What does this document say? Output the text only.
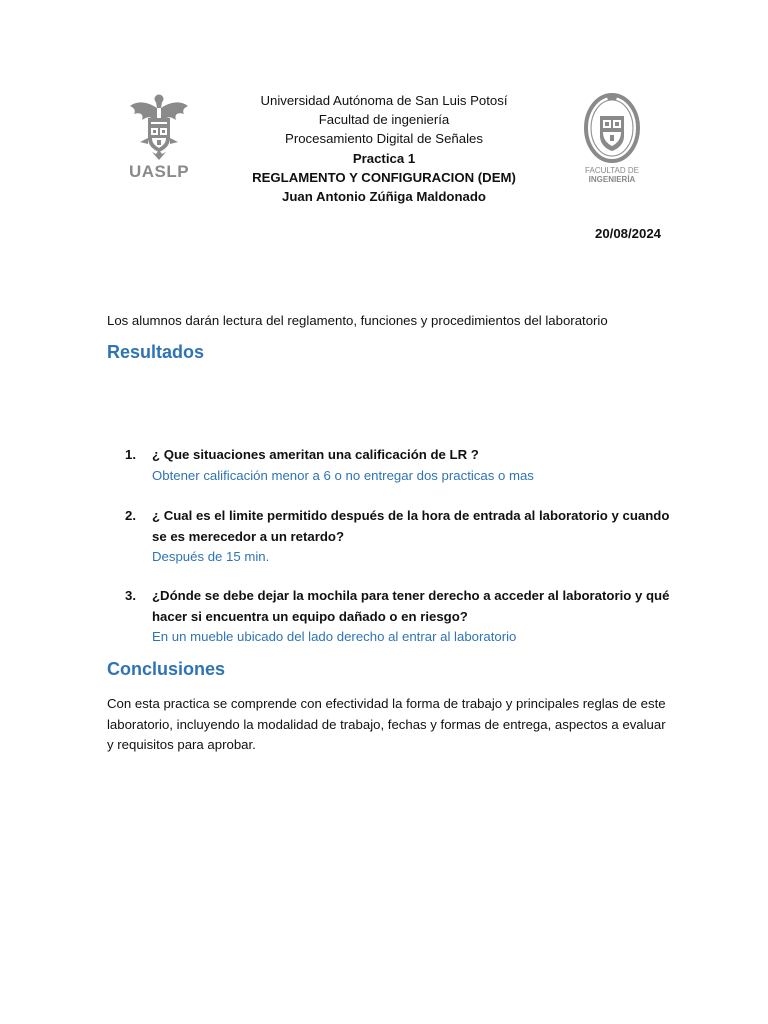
UASLP
Universidad Autónoma de San Luis Potosí
Facultad de ingeniería
Procesamiento Digital de Señales
Practica 1
REGLAMENTO Y CONFIGURACION (DEM)
Juan Antonio Zúñiga Maldonado
FACULTAD DE
INGENIERÍA
20/08/2024
Los alumnos darán lectura del reglamento, funciones y procedimientos del laboratorio
Resultados
1. ¿ Que situaciones ameritan una calificación de LR ?
Obtener calificación menor a 6 o no entregar dos practicas o mas
2. ¿ Cual es el limite permitido después de la hora de entrada al laboratorio y cuando se es merecedor a un retardo?
Después de 15 min.
3. ¿Dónde se debe dejar la mochila para tener derecho a acceder al laboratorio y qué hacer si encuentra un equipo dañado o en riesgo?
En un mueble ubicado del lado derecho al entrar al laboratorio
Conclusiones
Con esta practica se comprende con efectividad la forma de trabajo y principales reglas de este laboratorio, incluyendo la modalidad de trabajo, fechas y formas de entrega, aspectos a evaluar y requisitos para aprobar.
